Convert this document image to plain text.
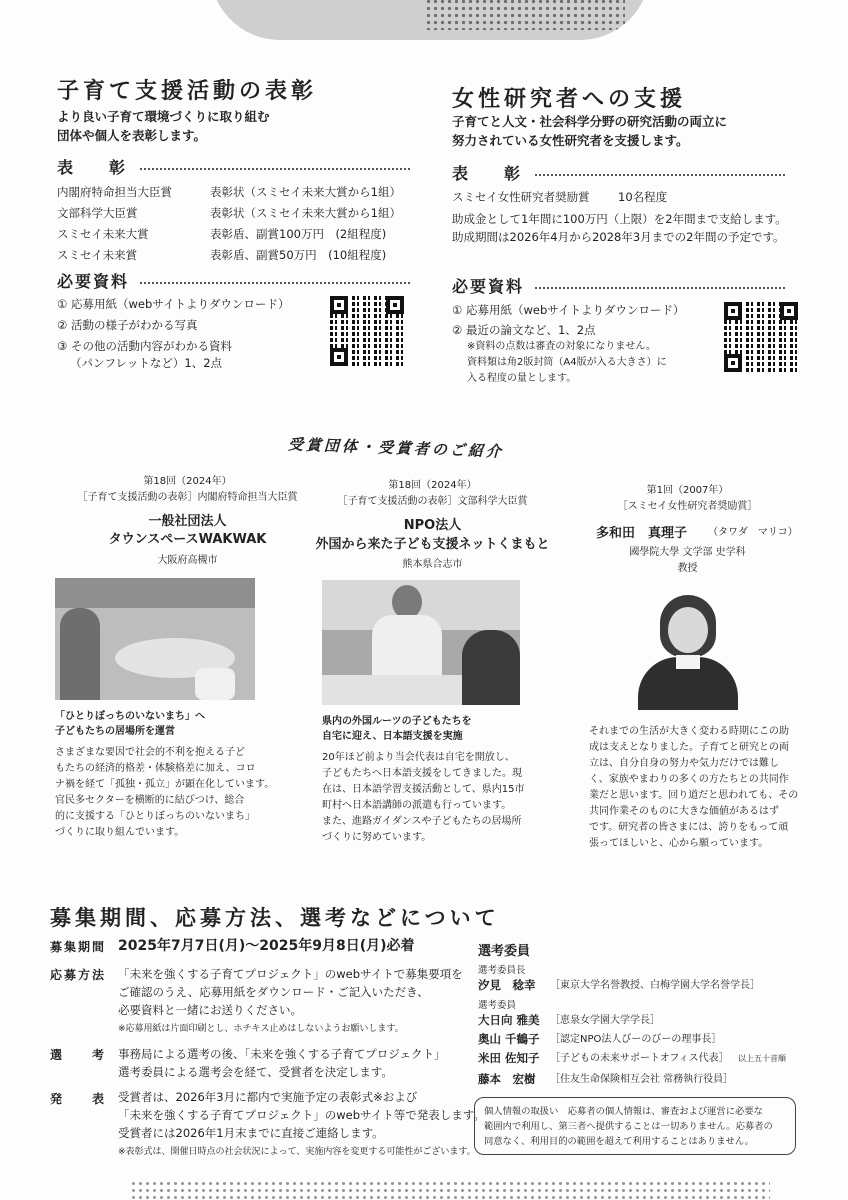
子育て支援活動の表彰
より良い子育て環境づくりに取り組む
団体や個人を表彰します。
表　彰
内閣府特命担当大臣賞	表彰状（スミセイ未来大賞から1組）
文部科学大臣賞	表彰状（スミセイ未来大賞から1組）
スミセイ未来大賞	表彰盾、副賞100万円　(2組程度)
スミセイ未来賞	表彰盾、副賞50万円　(10組程度)
必要資料
① 応募用紙（webサイトよりダウンロード）
② 活動の様子がわかる写真
③ その他の活動内容がわかる資料
（パンフレットなど）1、2点
女性研究者への支援
子育てと人文・社会科学分野の研究活動の両立に
努力されている女性研究者を支援します。
表　彰
スミセイ女性研究者奨励賞 10名程度
助成金として1年間に100万円（上限）を2年間まで支給します。
助成期間は2026年4月から2028年3月までの2年間の予定です。
必要資料
① 応募用紙（webサイトよりダウンロード）
② 最近の論文など、1、2点
※資料の点数は審査の対象になりません。
資料類は角2版封筒（A4版が入る大きさ）に
入る程度の量とします。
受賞団体・受賞者のご紹介
第18回（2024年）
［子育て支援活動の表彰］内閣府特命担当大臣賞
一般社団法人
タウンスペースWAKWAK
大阪府高槻市
「ひとりぼっちのいないまち」へ
子どもたちの居場所を運営
さまざまな要因で社会的不利を抱える子ど
もたちの経済的格差・体験格差に加え、コロ
ナ禍を経て「孤独・孤立」が顕在化しています。
官民多セクターを横断的に結びつけ、総合
的に支援する「ひとりぼっちのいないまち」
づくりに取り組んでいます。
第18回（2024年）
［子育て支援活動の表彰］文部科学大臣賞
NPO法人
外国から来た子ども支援ネットくまもと
熊本県合志市
県内の外国ルーツの子どもたちを
自宅に迎え、日本語支援を実施
20年ほど前より当会代表は自宅を開放し、
子どもたちへ日本語支援をしてきました。現
在は、日本語学習支援活動として、県内15市
町村へ日本語講師の派遣も行っています。
また、進路ガイダンスや子どもたちの居場所
づくりに努めています。
第1回（2007年）
［スミセイ女性研究者奨励賞］
多和田　真理子 （タワダ　マリコ）
國學院大學 文学部 史学科
教授
それまでの生活が大きく変わる時期にこの助
成は支えとなりました。子育てと研究との両
立は、自分自身の努力や気力だけでは難し
く、家族やまわりの多くの方たちとの共同作
業だと思います。回り道だと思われても、その
共同作業そのものに大きな価値があるはず
です。研究者の皆さまには、誇りをもって頑
張ってほしいと、心から願っています。
募集期間、応募方法、選考などについて
募集期間 2025年7月7日(月)〜2025年9月8日(月)必着
応募方法 「未来を強くする子育てプロジェクト」のwebサイトで募集要項を
ご確認のうえ、応募用紙をダウンロード・ご記入いただき、
必要資料と一緒にお送りください。
※応募用紙は片面印刷とし、ホチキス止めはしないようお願いします。
選　　考 事務局による選考の後、「未来を強くする子育てプロジェクト」
選考委員による選考会を経て、受賞者を決定します。
発　　表 受賞者は、2026年3月に都内で実施予定の表彰式※および
「未来を強くする子育てプロジェクト」のwebサイト等で発表します。
受賞者には2026年1月末までに直接ご連絡します。
※表彰式は、開催日時点の社会状況によって、実施内容を変更する可能性がございます。
選考委員
選考委員長
汐見　稔幸 ［東京大学名誉教授、白梅学園大学名誉学長］
選考委員
大日向 雅美 ［恵泉女学園大学学長］
奥山 千鶴子 ［認定NPO法人びーのびーの理事長］
米田 佐知子 ［子どもの未来サポートオフィス代表］ 以上五十音順
藤本　宏樹 ［住友生命保険相互会社 常務執行役員］
個人情報の取扱い　応募者の個人情報は、審査および運営に必要な
範囲内で利用し、第三者へ提供することは一切ありません。応募者の
同意なく、利用目的の範囲を超えて利用することはありません。
